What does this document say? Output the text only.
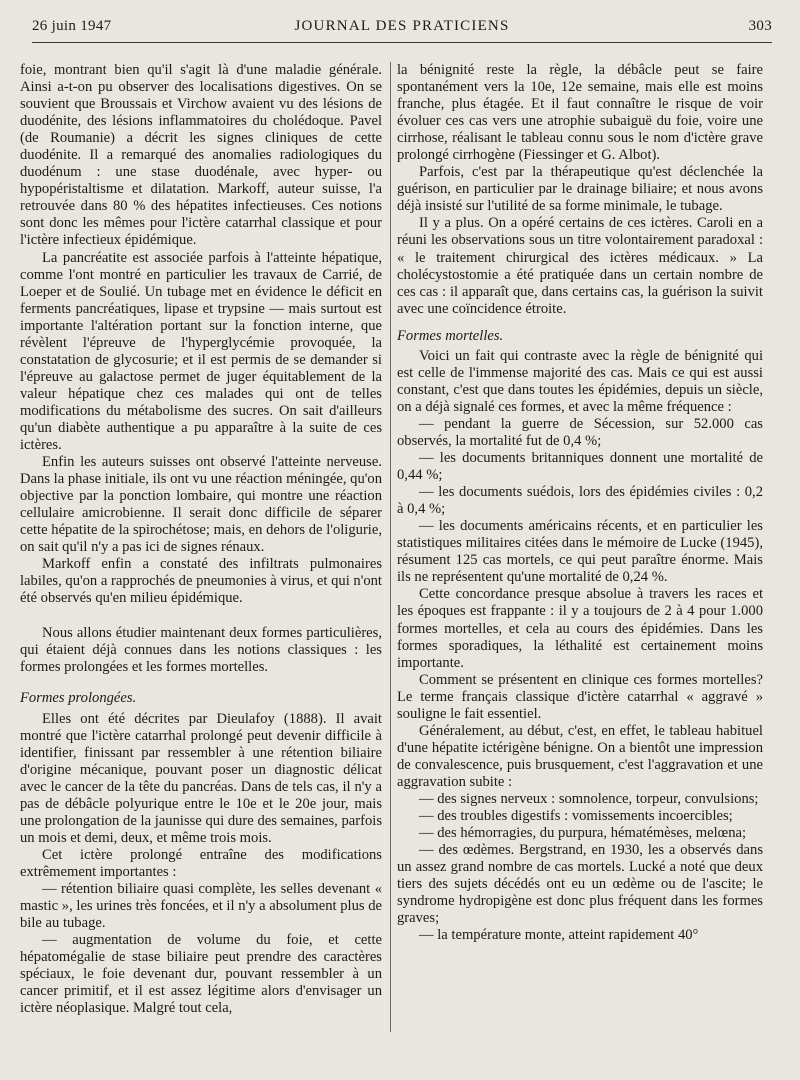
26 juin 1947	JOURNAL DES PRATICIENS	303

foie, montrant bien qu'il s'agit là d'une maladie générale. Ainsi a-t-on pu observer des localisations digestives. On se souvient que Broussais et Virchow avaient vu des lésions de duodénite, des lésions inflammatoires du cholédoque. Pavel (de Roumanie) a décrit les signes cliniques de cette duodénite. Il a remarqué des anomalies radiologiques du duodénum : une stase duodénale, avec hyper- ou hypopéristaltisme et dilatation. Markoff, auteur suisse, l'a retrouvée dans 80 % des hépatites infectieuses. Ces notions sont donc les mêmes pour l'ictère catarrhal classique et pour l'ictère infectieux épidémique.

La pancréatite est associée parfois à l'atteinte hépatique, comme l'ont montré en particulier les travaux de Carrié, de Loeper et de Soulié. Un tubage met en évidence le déficit en ferments pancréatiques, lipase et trypsine — mais surtout est importante l'altération portant sur la fonction interne, que révèlent l'épreuve de l'hyperglycémie provoquée, la constatation de glycosurie; et il est permis de se demander si l'épreuve au galactose permet de juger équitablement de la valeur hépatique chez ces malades qui ont de telles modifications du métabolisme des sucres. On sait d'ailleurs qu'un diabète authentique a pu apparaître à la suite de ces ictères.

Enfin les auteurs suisses ont observé l'atteinte nerveuse. Dans la phase initiale, ils ont vu une réaction méningée, qu'on objective par la ponction lombaire, qui montre une réaction cellulaire amicrobienne. Il serait donc difficile de séparer cette hépatite de la spirochétose; mais, en dehors de l'oligurie, on sait qu'il n'y a pas ici de signes rénaux.

Markoff enfin a constaté des infiltrats pulmonaires labiles, qu'on a rapprochés de pneumonies à virus, et qui n'ont été observés qu'en milieu épidémique.

Nous allons étudier maintenant deux formes particulières, qui étaient déjà connues dans les notions classiques : les formes prolongées et les formes mortelles.

Formes prolongées.

Elles ont été décrites par Dieulafoy (1888). Il avait montré que l'ictère catarrhal prolongé peut devenir difficile à identifier, finissant par ressembler à une rétention biliaire d'origine mécanique, pouvant poser un diagnostic délicat avec le cancer de la tête du pancréas. Dans de tels cas, il n'y a pas de débâcle polyurique entre le 10e et le 20e jour, mais une prolongation de la jaunisse qui dure des semaines, parfois un mois et demi, deux, et même trois mois.

Cet ictère prolongé entraîne des modifications extrêmement importantes :

— rétention biliaire quasi complète, les selles devenant « mastic », les urines très foncées, et il n'y a absolument plus de bile au tubage.

— augmentation de volume du foie, et cette hépatomégalie de stase biliaire peut prendre des caractères spéciaux, le foie devenant dur, pouvant ressembler à un cancer primitif, et il est assez légitime alors d'envisager un ictère néoplasique. Malgré tout cela,

la bénignité reste la règle, la débâcle peut se faire spontanément vers la 10e, 12e semaine, mais elle est moins franche, plus étagée. Et il faut connaître le risque de voir évoluer ces cas vers une atrophie subaiguë du foie, voire une cirrhose, réalisant le tableau connu sous le nom d'ictère grave prolongé cirrhogène (Fiessinger et G. Albot).

Parfois, c'est par la thérapeutique qu'est déclenchée la guérison, en particulier par le drainage biliaire; et nous avons déjà insisté sur l'utilité de sa forme minimale, le tubage.

Il y a plus. On a opéré certains de ces ictères. Caroli en a réuni les observations sous un titre volontairement paradoxal : « le traitement chirurgical des ictères médicaux. » La cholécystostomie a été pratiquée dans un certain nombre de ces cas : il apparaît que, dans certains cas, la guérison la suivit avec une coïncidence étroite.

Formes mortelles.

Voici un fait qui contraste avec la règle de bénignité qui est celle de l'immense majorité des cas. Mais ce qui est aussi constant, c'est que dans toutes les épidémies, depuis un siècle, on a déjà signalé ces formes, et avec la même fréquence :

— pendant la guerre de Sécession, sur 52.000 cas observés, la mortalité fut de 0,4 %;

— les documents britanniques donnent une mortalité de 0,44 %;

— les documents suédois, lors des épidémies civiles : 0,2 à 0,4 %;

— les documents américains récents, et en particulier les statistiques militaires citées dans le mémoire de Lucke (1945), résument 125 cas mortels, ce qui peut paraître énorme. Mais ils ne représentent qu'une mortalité de 0,24 %.

Cette concordance presque absolue à travers les races et les époques est frappante : il y a toujours de 2 à 4 pour 1.000 formes mortelles, et cela au cours des épidémies. Dans les formes sporadiques, la léthalité est certainement moins importante.

Comment se présentent en clinique ces formes mortelles? Le terme français classique d'ictère catarrhal « aggravé » souligne le fait essentiel.

Généralement, au début, c'est, en effet, le tableau habituel d'une hépatite ictérigène bénigne. On a bientôt une impression de convalescence, puis brusquement, c'est l'aggravation et une aggravation subite :

— des signes nerveux : somnolence, torpeur, convulsions;

— des troubles digestifs : vomissements incoercibles;

— des hémorragies, du purpura, hématémèses, melœna;

— des œdèmes. Bergstrand, en 1930, les a observés dans un assez grand nombre de cas mortels. Lucké a noté que deux tiers des sujets décédés ont eu un œdème ou de l'ascite; le syndrome hydropigène est donc plus fréquent dans les formes graves;

— la température monte, atteint rapidement 40°
